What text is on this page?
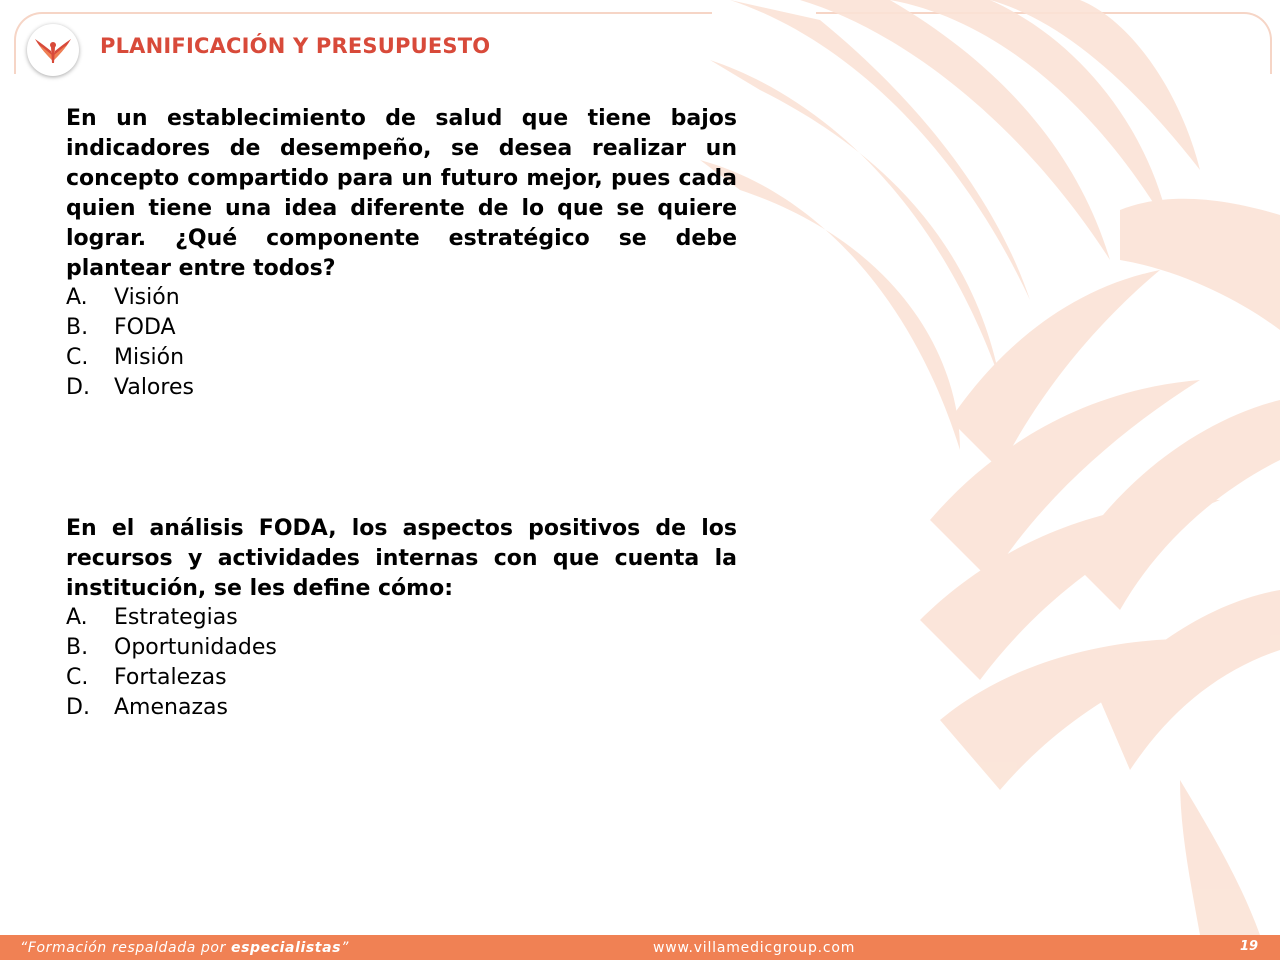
PLANIFICACIÓN Y PRESUPUESTO

En un establecimiento de salud que tiene bajos indicadores de desempeño, se desea realizar un concepto compartido para un futuro mejor, pues cada quien tiene una idea diferente de lo que se quiere lograr. ¿Qué componente estratégico se debe plantear entre todos?

A.	Visión
B.	FODA
C.	Misión
D.	Valores

En el análisis FODA, los aspectos positivos de los recursos y actividades internas con que cuenta la institución, se les define cómo:

A.	Estrategias
B.	Oportunidades
C.	Fortalezas
D.	Amenazas
“Formación respaldada por especialistas”	www.villamedicgroup.com	19
